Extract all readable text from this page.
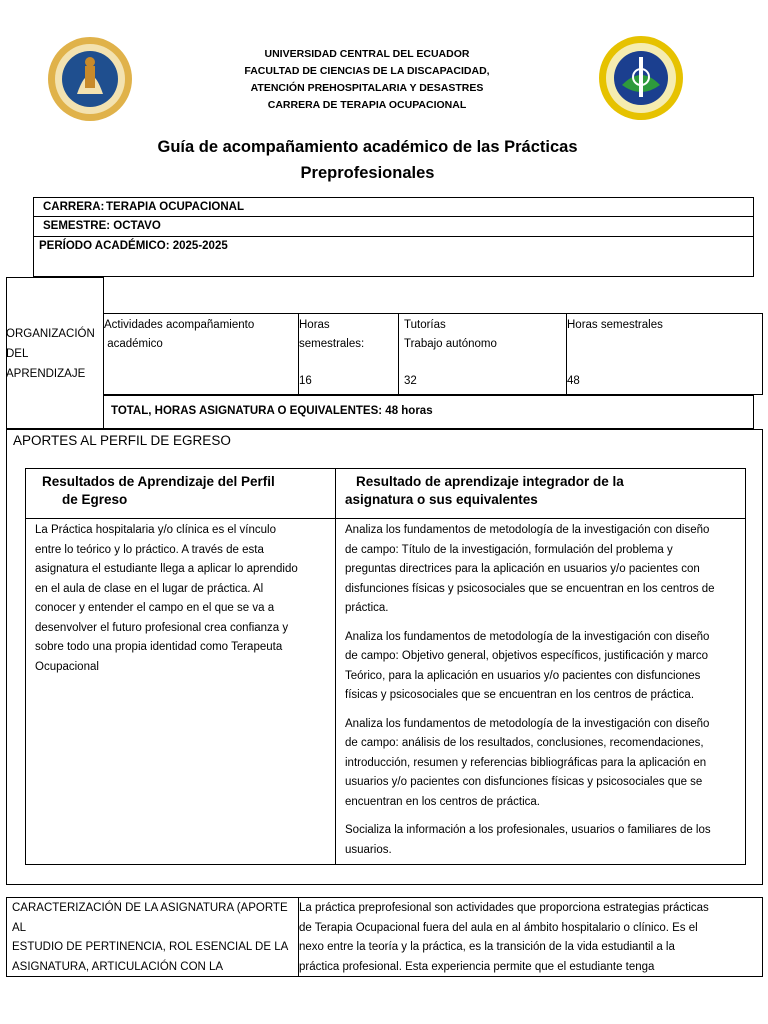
UNIVERSIDAD CENTRAL DEL ECUADOR
FACULTAD DE CIENCIAS DE LA DISCAPACIDAD,
ATENCIÓN PREHOSPITALARIA Y DESASTRES
CARRERA DE TERAPIA OCUPACIONAL
Guía de acompañamiento académico de las Prácticas
Preprofesionales
CARRERA: TERAPIA OCUPACIONAL
SEMESTRE: OCTAVO
PERÍODO ACADÉMICO: 2025-2025
ORGANIZACIÓN
DEL
APRENDIZAJE
Actividades acompañamiento
académico
Horas
semestrales:
16
Tutorías
Trabajo autónomo
32
Horas semestrales
48
TOTAL, HORAS ASIGNATURA O EQUIVALENTES: 48 horas
APORTES AL PERFIL DE EGRESO
Resultados de Aprendizaje del Perfil
de Egreso
Resultado de aprendizaje integrador de la
asignatura o sus equivalentes
La Práctica hospitalaria y/o clínica es el vínculo
entre lo teórico y lo práctico. A través de esta
asignatura el estudiante llega a aplicar lo aprendido
en el aula de clase en el lugar de práctica. Al
conocer y entender el campo en el que se va a
desenvolver el futuro profesional crea confianza y
sobre todo una propia identidad como Terapeuta
Ocupacional

Analiza los fundamentos de metodología de la investigación con diseño
de campo: Título de la investigación, formulación del problema y
preguntas directrices para la aplicación en usuarios y/o pacientes con
disfunciones físicas y psicosociales que se encuentran en los centros de
práctica.

Analiza los fundamentos de metodología de la investigación con diseño
de campo: Objetivo general, objetivos específicos, justificación y marco
Teórico, para la aplicación en usuarios y/o pacientes con disfunciones
físicas y psicosociales que se encuentran en los centros de práctica.

Analiza los fundamentos de metodología de la investigación con diseño
de campo: análisis de los resultados, conclusiones, recomendaciones,
introducción, resumen y referencias bibliográficas para la aplicación en
usuarios y/o pacientes con disfunciones físicas y psicosociales que se
encuentran en los centros de práctica.

Socializa la información a los profesionales, usuarios o familiares de los
usuarios.

CARACTERIZACIÓN DE LA ASIGNATURA (APORTE
AL
ESTUDIO DE PERTINENCIA, ROL ESENCIAL DE LA
ASIGNATURA, ARTICULACIÓN CON LA
La práctica preprofesional son actividades que proporciona estrategias prácticas
de Terapia Ocupacional fuera del aula en al ámbito hospitalario o clínico. Es el
nexo entre la teoría y la práctica, es la transición de la vida estudiantil a la
práctica profesional. Esta experiencia permite que el estudiante tenga
